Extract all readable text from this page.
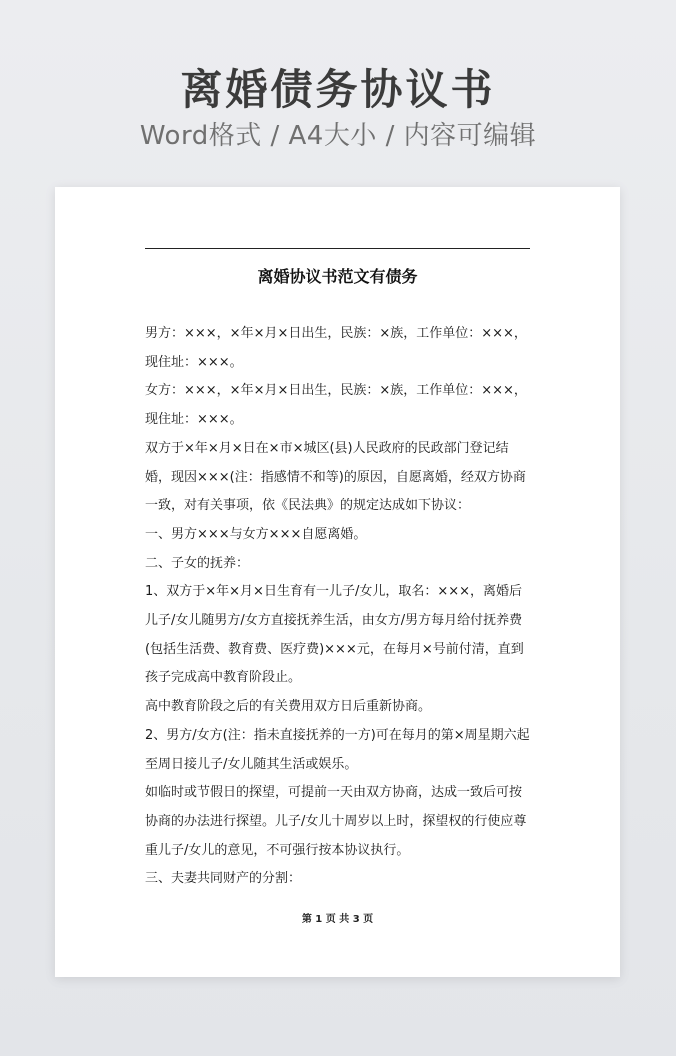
离婚债务协议书
Word格式 / A4大小 / 内容可编辑
离婚协议书范文有债务

男方：×××，×年×月×日出生，民族：×族，工作单位：×××，现住址：×××。

女方：×××，×年×月×日出生，民族：×族，工作单位：×××，现住址：×××。

双方于×年×月×日在×市×城区(县)人民政府的民政部门登记结婚，现因×××(注：指感情不和等)的原因，自愿离婚，经双方协商一致，对有关事项，依《民法典》的规定达成如下协议：

一、男方×××与女方×××自愿离婚。

二、子女的抚养：

1、双方于×年×月×日生育有一儿子/女儿，取名：×××，离婚后儿子/女儿随男方/女方直接抚养生活，由女方/男方每月给付抚养费(包括生活费、教育费、医疗费)×××元，在每月×号前付清，直到孩子完成高中教育阶段止。

高中教育阶段之后的有关费用双方日后重新协商。

2、男方/女方(注：指未直接抚养的一方)可在每月的第×周星期六起至周日接儿子/女儿随其生活或娱乐。

如临时或节假日的探望，可提前一天由双方协商，达成一致后可按协商的办法进行探望。儿子/女儿十周岁以上时，探望权的行使应尊重儿子/女儿的意见，不可强行按本协议执行。

三、夫妻共同财产的分割：

第 1 页 共 3 页
